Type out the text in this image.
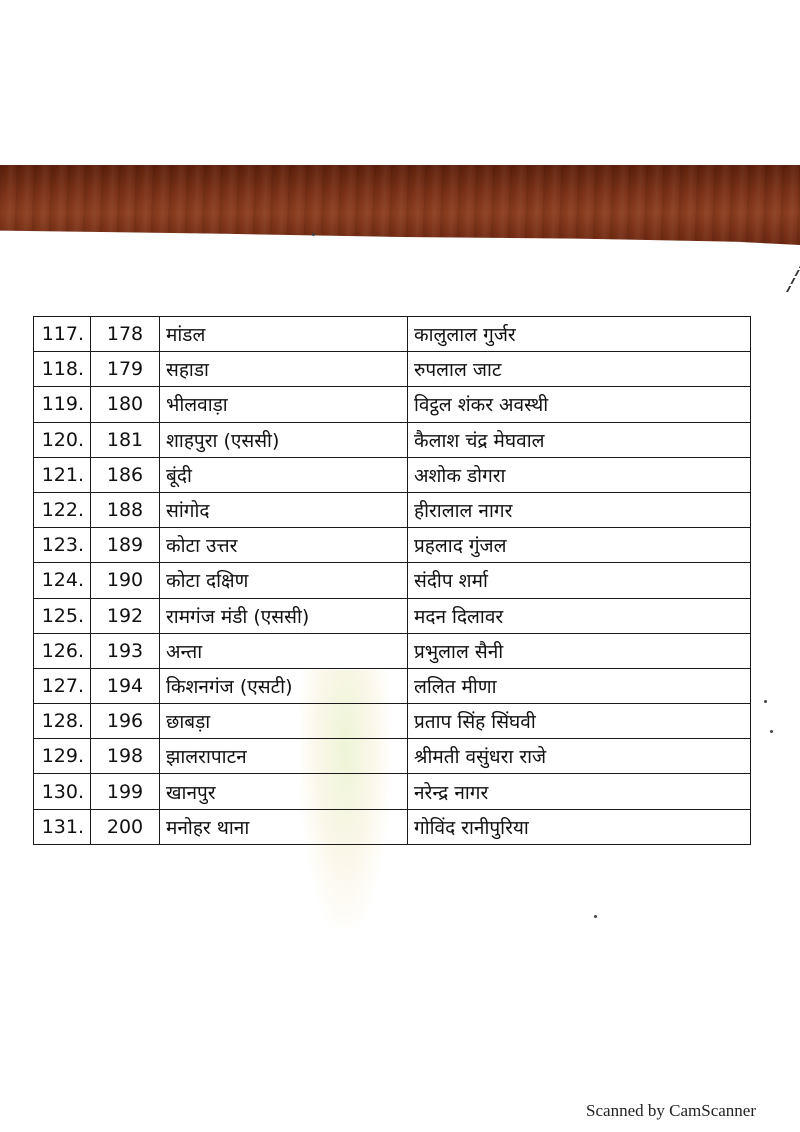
117.	178	मांडल	कालुलाल गुर्जर
118.	179	सहाडा	रुपलाल जाट
119.	180	भीलवाड़ा	विट्ठल शंकर अवस्थी
120.	181	शाहपुरा (एससी)	कैलाश चंद्र मेघवाल
121.	186	बूंदी	अशोक डोगरा
122.	188	सांगोद	हीरालाल नागर
123.	189	कोटा उत्तर	प्रहलाद गुंजल
124.	190	कोटा दक्षिण	संदीप शर्मा
125.	192	रामगंज मंडी (एससी)	मदन दिलावर
126.	193	अन्ता	प्रभुलाल सैनी
127.	194	किशनगंज (एसटी)	ललित मीणा
128.	196	छाबड़ा	प्रताप सिंह सिंघवी
129.	198	झालरापाटन	श्रीमती वसुंधरा राजे
130.	199	खानपुर	नरेन्द्र नागर
131.	200	मनोहर थाना	गोविंद रानीपुरिया
Scanned by CamScanner
